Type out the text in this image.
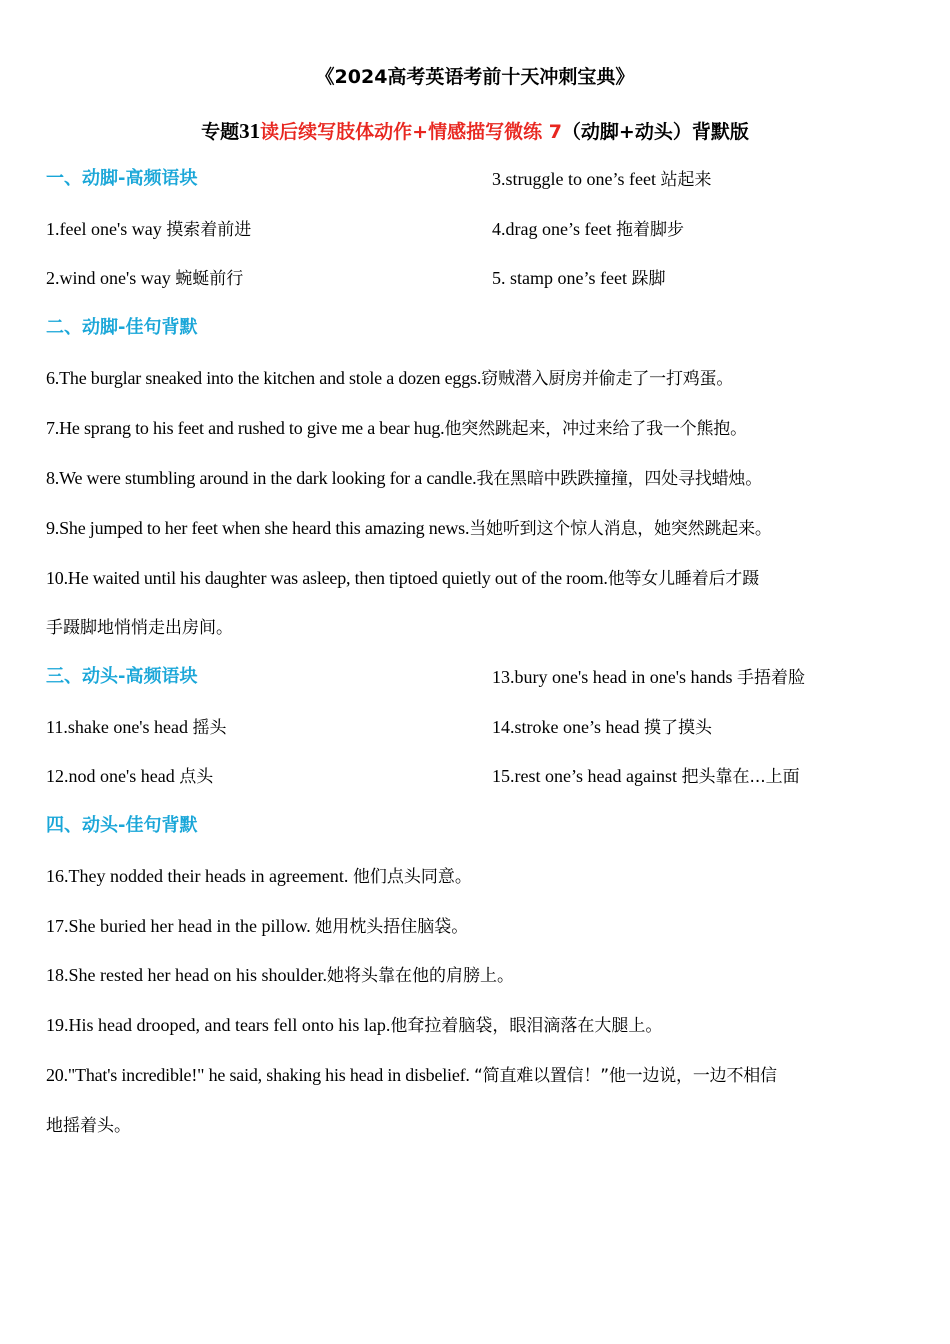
《2024高考英语考前十天冲刺宝典》
专题31读后续写肢体动作+情感描写微练 7（动脚+动头）背默版
一、动脚-高频语块	3.struggle to one’s feet 站起来
1.feel one's way 摸索着前进	4.drag one’s feet 拖着脚步
2.wind one's way 蜿蜒前行	5. stamp one’s feet 跺脚
二、动脚-佳句背默
6.The burglar sneaked into the kitchen and stole a dozen eggs.窃贼潜入厨房并偷走了一打鸡蛋。
7.He sprang to his feet and rushed to give me a bear hug.他突然跳起来，冲过来给了我一个熊抱。
8.We were stumbling around in the dark looking for a candle.我在黑暗中跌跌撞撞，四处寻找蜡烛。
9.She jumped to her feet when she heard this amazing news.当她听到这个惊人消息，她突然跳起来。
10.He waited until his daughter was asleep, then tiptoed quietly out of the room.他等女儿睡着后才蹑
手蹑脚地悄悄走出房间。
三、动头-高频语块	13.bury one's head in one's hands 手捂着脸
11.shake one's head 摇头	14.stroke one’s head 摸了摸头
12.nod one's head 点头	15.rest one’s head against 把头靠在...上面
四、动头-佳句背默
16.They nodded their heads in agreement. 他们点头同意。
17.She buried her head in the pillow. 她用枕头捂住脑袋。
18.She rested her head on his shoulder.她将头靠在他的肩膀上。
19.His head drooped, and tears fell onto his lap.他耷拉着脑袋，眼泪滴落在大腿上。
20."That's incredible!" he said, shaking his head in disbelief. “简直难以置信！”他一边说，一边不相信
地摇着头。
